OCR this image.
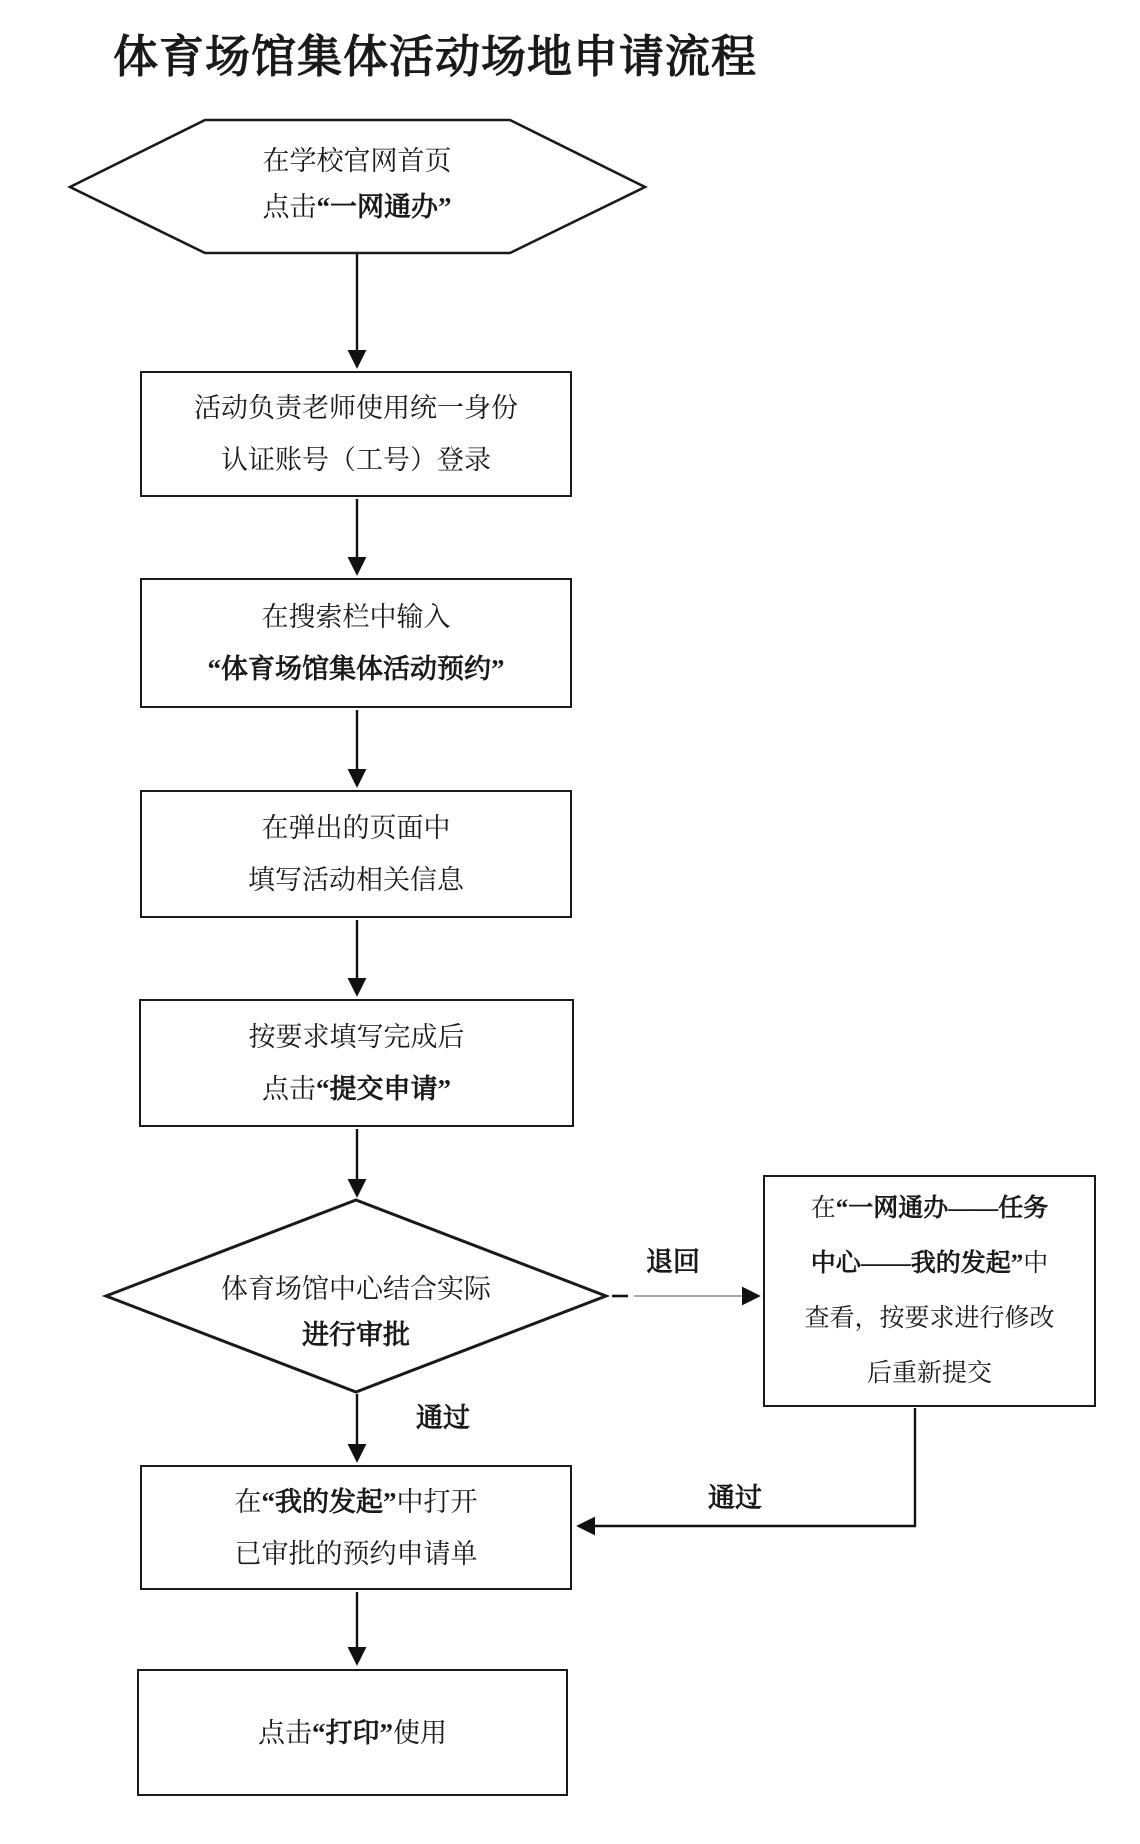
体育场馆集体活动场地申请流程
在学校官网首页
点击“一网通办”
活动负责老师使用统一身份
认证账号（工号）登录
在搜索栏中输入
“体育场馆集体活动预约”
在弹出的页面中
填写活动相关信息
按要求填写完成后
点击“提交申请”
体育场馆中心结合实际
进行审批
在“一网通办——任务
中心——我的发起”中
查看，按要求进行修改
后重新提交
在“我的发起”中打开
已审批的预约申请单
点击“打印”使用
退回
通过
通过
